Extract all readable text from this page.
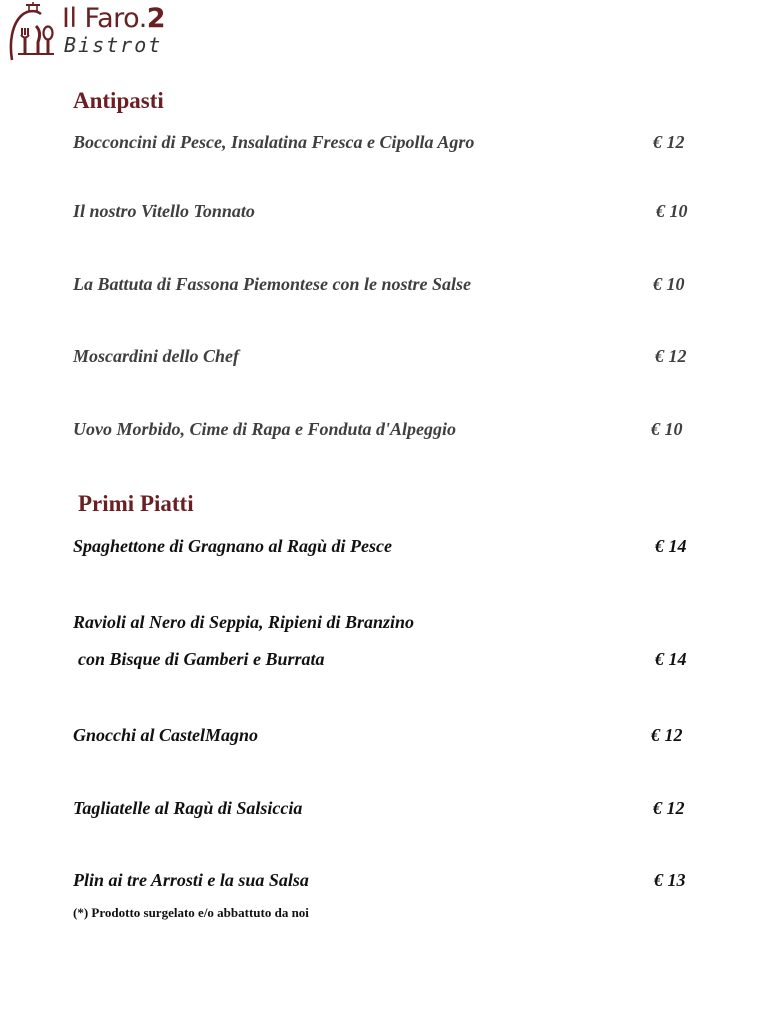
Il Faro.2
Bistrot
Antipasti
Bocconcini di Pesce, Insalatina Fresca e Cipolla Agro	€ 12
Il nostro Vitello Tonnato	€ 10
La Battuta di Fassona Piemontese con le nostre Salse	€ 10
Moscardini dello Chef	€ 12
Uovo Morbido, Cime di Rapa e Fonduta d'Alpeggio	€ 10
Primi Piatti
Spaghettone di Gragnano al Ragù di Pesce	€ 14
Ravioli al Nero di Seppia, Ripieni di Branzino
con Bisque di Gamberi e Burrata	€ 14
Gnocchi al CastelMagno	€ 12
Tagliatelle al Ragù di Salsiccia	€ 12
Plin ai tre Arrosti e la sua Salsa	€ 13
(*) Prodotto surgelato e/o abbattuto da noi
